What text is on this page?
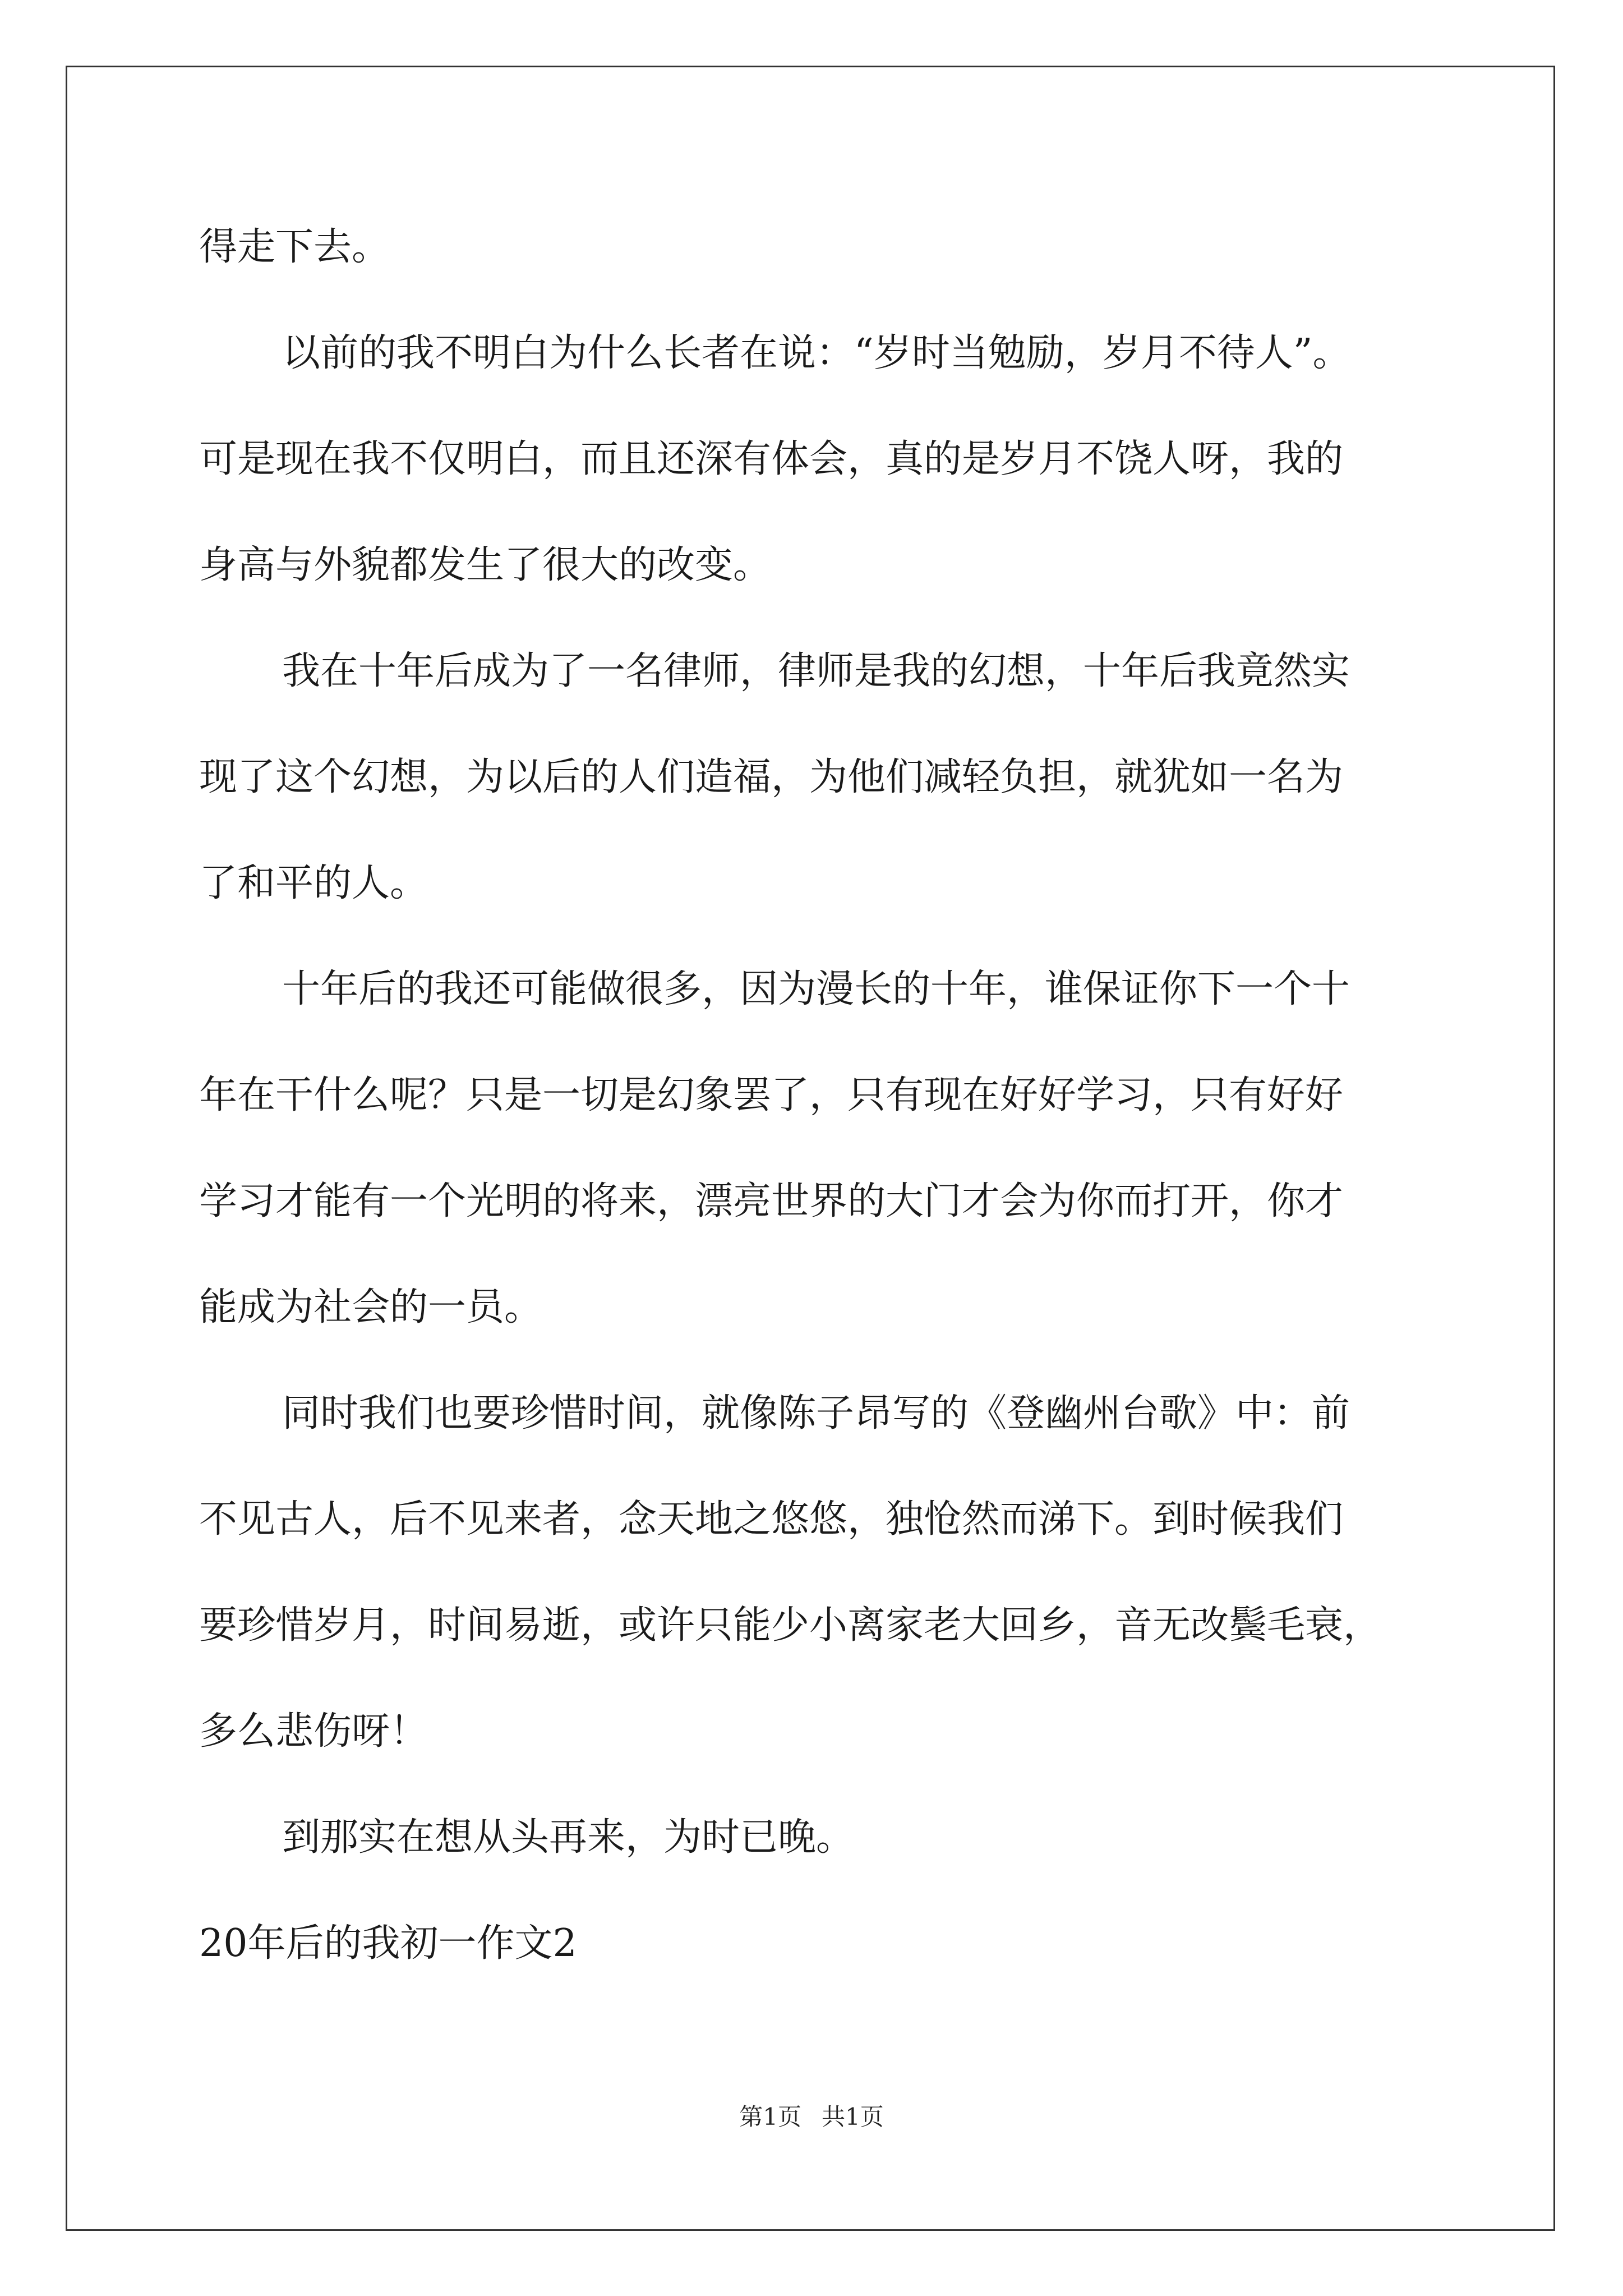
得走下去。
以前的我不明白为什么长者在说：“岁时当勉励，岁月不待人”。
可是现在我不仅明白，而且还深有体会，真的是岁月不饶人呀，我的
身高与外貌都发生了很大的改变。
我在十年后成为了一名律师，律师是我的幻想，十年后我竟然实
现了这个幻想，为以后的人们造福，为他们减轻负担，就犹如一名为
了和平的人。
十年后的我还可能做很多，因为漫长的十年，谁保证你下一个十
年在干什么呢？只是一切是幻象罢了，只有现在好好学习，只有好好
学习才能有一个光明的将来，漂亮世界的大门才会为你而打开，你才
能成为社会的一员。
同时我们也要珍惜时间，就像陈子昂写的《登幽州台歌》中：前
不见古人，后不见来者，念天地之悠悠，独怆然而涕下。到时候我们
要珍惜岁月，时间易逝，或许只能少小离家老大回乡，音无改鬓毛衰，
多么悲伤呀！
到那实在想从头再来，为时已晚。
20年后的我初一作文2
第1页 共1页
